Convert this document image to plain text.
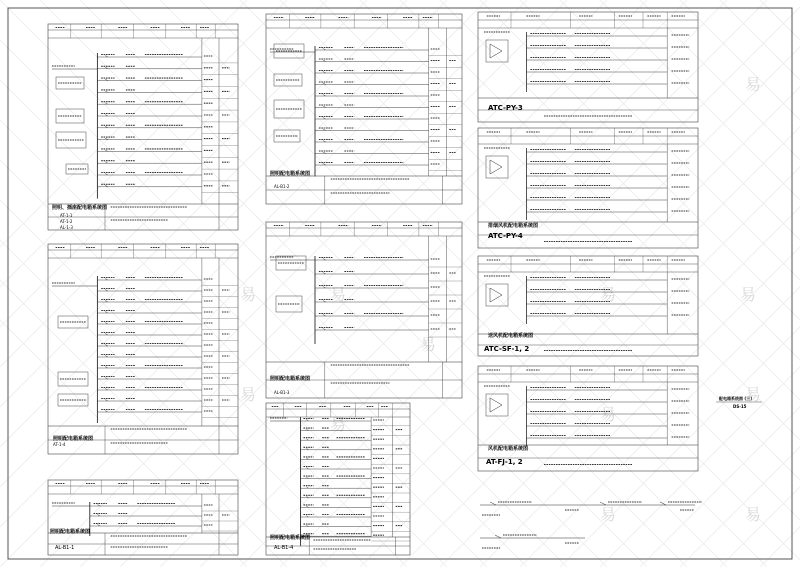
易
易
易
易
易
易
易
易
易	易	易
易
照明、插座配电箱系统图
AT-1-1
AT-1-2
AL-1-3
照明配电箱系统图
AT-1-4
照明配电箱系统图
AL-B1-1
照明配电箱系统图
AL-B1-2
照明配电箱系统图
AL-B1-3
照明配电箱系统图
AL-B1-4
ATC-PY-3
排烟风机配电箱系统图
ATC-PY-4
送风机配电箱系统图
ATC-SF-1, 2
风机配电箱系统图
AT-FJ-1, 2
配电箱系统图 (三)
DS-15
